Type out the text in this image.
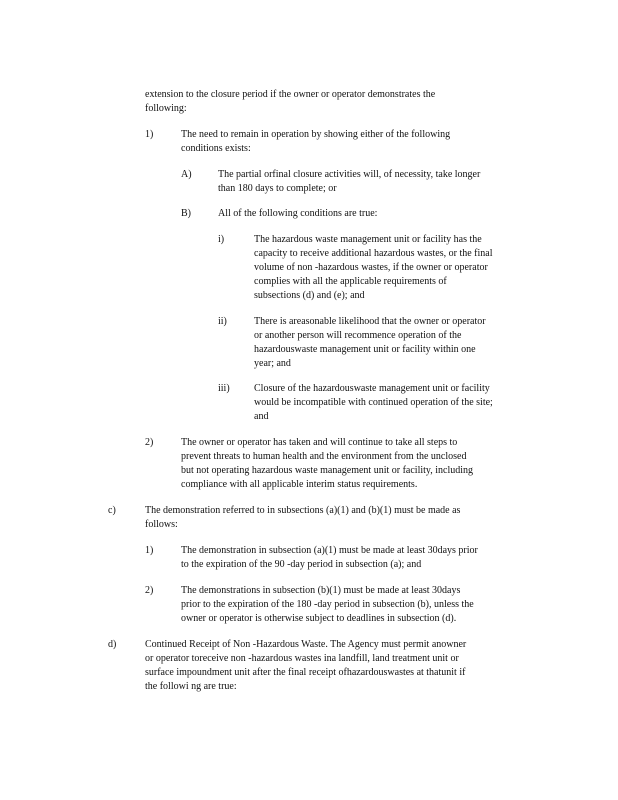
extension to the closure period if the owner or operator demonstrates the
following:
1)	The need to remain in operation by showing either of the following
conditions exists:
A)	The partial orfinal closure activities will, of necessity, take longer
than 180 days to complete; or
B)	All of the following conditions are true:
i)	The hazardous waste management unit or facility has the
capacity to receive additional hazardous wastes, or the final
volume of non -hazardous wastes, if the owner or operator
complies with all the applicable requirements of
subsections (d) and (e); and
ii)	There is areasonable likelihood that the owner or operator
or another person will recommence operation of the
hazardouswaste management unit or facility within one
year; and
iii) Closure of the hazardouswaste management unit or facility
would be incompatible with continued operation of the site;
and
2)	The owner or operator has taken and will continue to take all steps to
prevent threats to human health and the environment from the unclosed
but not operating hazardous waste management unit or facility, including
compliance with all applicable interim status requirements.
c)	The demonstration referred to in subsections (a)(1) and (b)(1) must be made as
follows:
1)	The demonstration in subsection (a)(1) must be made at least 30days prior
to the expiration of the 90 -day period in subsection (a); and
2)	The demonstrations in subsection (b)(1) must be made at least 30days
prior to the expiration of the 180 -day period in subsection (b), unless the
owner or operator is otherwise subject to deadlines in subsection (d).
d)	Continued Receipt of Non -Hazardous Waste. The Agency must permit anowner
or operator toreceive non -hazardous wastes ina landfill, land treatment unit or
surface impoundment unit after the final receipt ofhazardouswastes at thatunit if
the followi ng are true:
